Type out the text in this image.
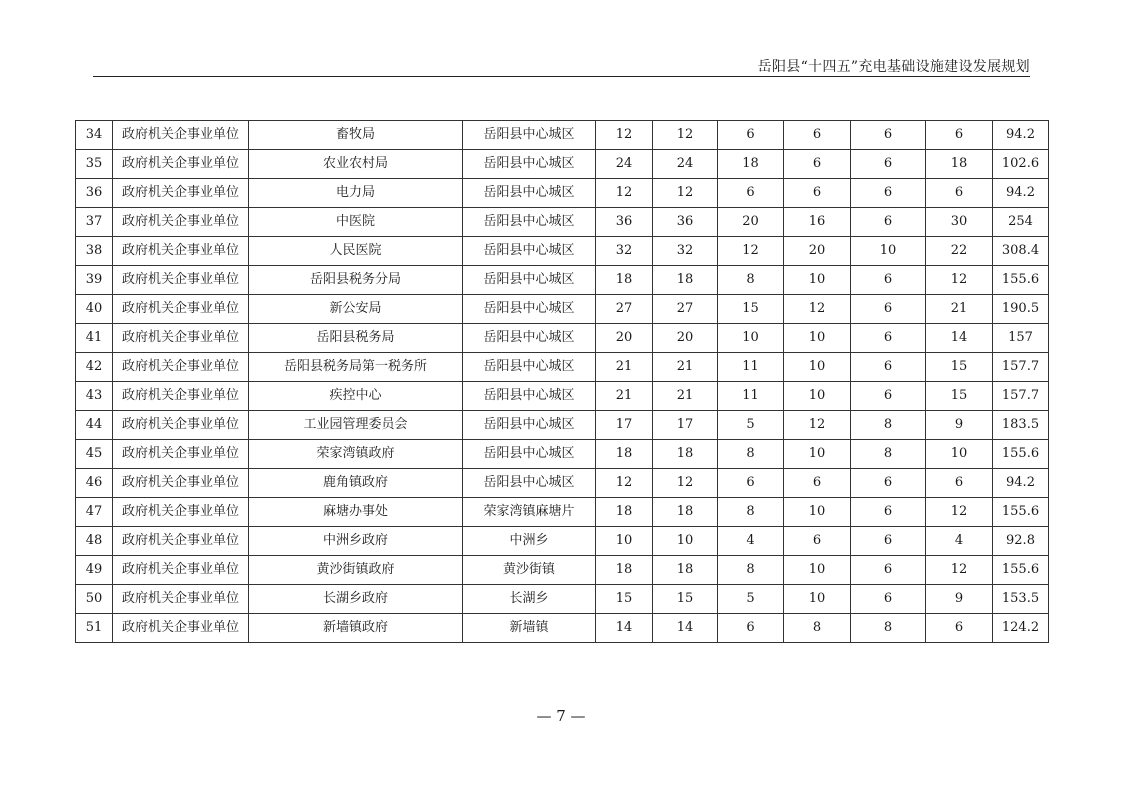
岳阳县“十四五”充电基础设施建设发展规划
34	政府机关企事业单位	畜牧局	岳阳县中心城区	12	12	6	6	6	6	94.2
35	政府机关企事业单位	农业农村局	岳阳县中心城区	24	24	18	6	6	18	102.6
36	政府机关企事业单位	电力局	岳阳县中心城区	12	12	6	6	6	6	94.2
37	政府机关企事业单位	中医院	岳阳县中心城区	36	36	20	16	6	30	254
38	政府机关企事业单位	人民医院	岳阳县中心城区	32	32	12	20	10	22	308.4
39	政府机关企事业单位	岳阳县税务分局	岳阳县中心城区	18	18	8	10	6	12	155.6
40	政府机关企事业单位	新公安局	岳阳县中心城区	27	27	15	12	6	21	190.5
41	政府机关企事业单位	岳阳县税务局	岳阳县中心城区	20	20	10	10	6	14	157
42	政府机关企事业单位	岳阳县税务局第一税务所	岳阳县中心城区	21	21	11	10	6	15	157.7
43	政府机关企事业单位	疾控中心	岳阳县中心城区	21	21	11	10	6	15	157.7
44	政府机关企事业单位	工业园管理委员会	岳阳县中心城区	17	17	5	12	8	9	183.5
45	政府机关企事业单位	荣家湾镇政府	岳阳县中心城区	18	18	8	10	8	10	155.6
46	政府机关企事业单位	鹿角镇政府	岳阳县中心城区	12	12	6	6	6	6	94.2
47	政府机关企事业单位	麻塘办事处	荣家湾镇麻塘片	18	18	8	10	6	12	155.6
48	政府机关企事业单位	中洲乡政府	中洲乡	10	10	4	6	6	4	92.8
49	政府机关企事业单位	黄沙街镇政府	黄沙街镇	18	18	8	10	6	12	155.6
50	政府机关企事业单位	长湖乡政府	长湖乡	15	15	5	10	6	9	153.5
51	政府机关企事业单位	新墙镇政府	新墙镇	14	14	6	8	8	6	124.2
— 7 —
